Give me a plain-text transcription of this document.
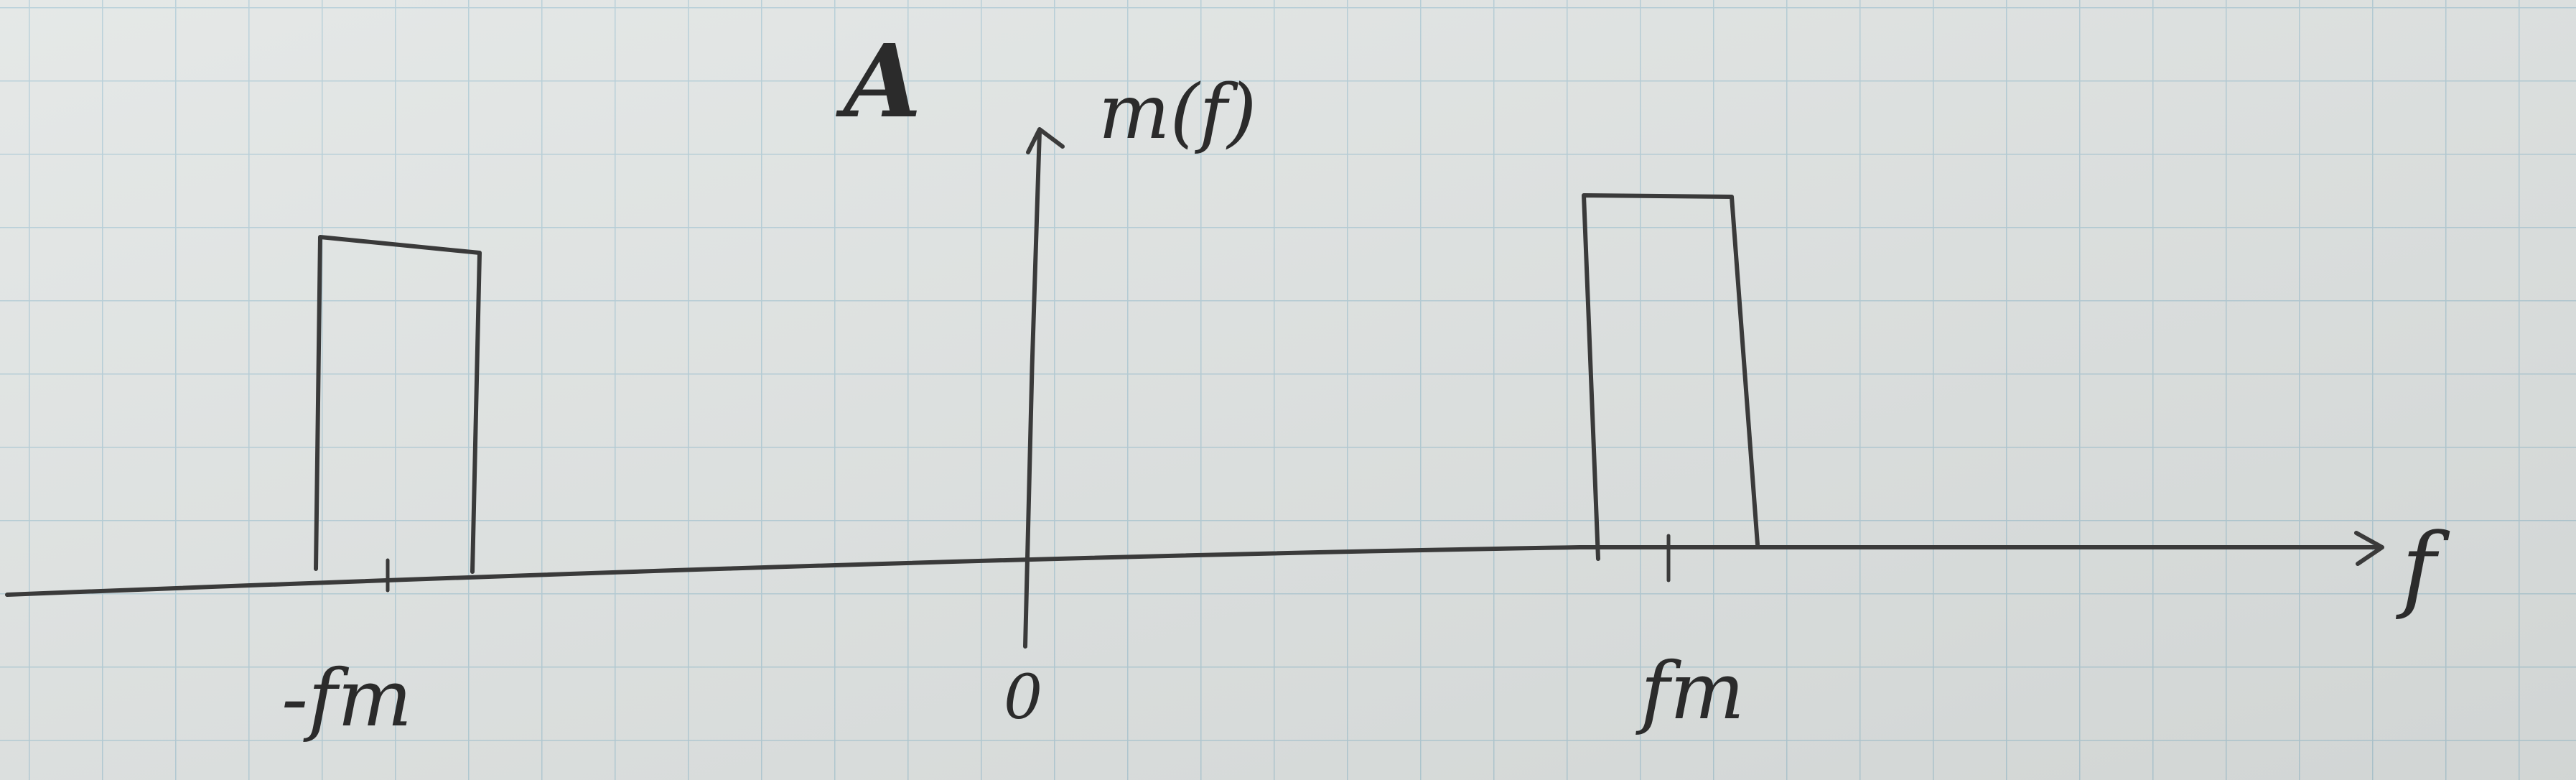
A m(f)
f
0
-fm	fm
